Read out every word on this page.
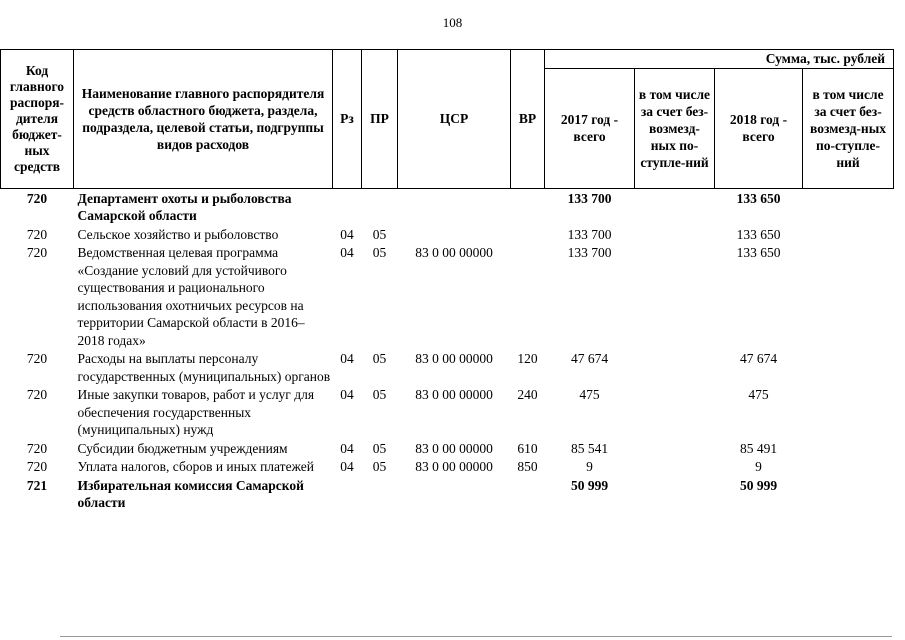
108
Код главного распоря-дителя бюджет-ных средств	Наименование главного распорядителя средств областного бюджета, раздела, подраздела, целевой статьи, подгруппы видов расходов	Рз	ПР	ЦСР	ВР	Сумма, тыс. рублей			
						2017 год - всего	в том числе за счет без-возмезд-ных по-ступле-ний	2018 год - всего	в том числе за счет без-возмезд-ных по-ступле-ний
720	Департамент охоты и рыболовства Самарской области					133 700		133 650	
720	Сельское хозяйство и рыболовство	04	05			133 700		133 650	
720	Ведомственная целевая программа «Создание условий для устойчивого существования и рационального использования охотничьих ресурсов на территории Самарской области в 2016–2018 годах»	04	05	83 0 00 00000		133 700		133 650	
720	Расходы на выплаты персоналу государственных (муниципальных) органов	04	05	83 0 00 00000	120	47 674		47 674	
720	Иные закупки товаров, работ и услуг для обеспечения государственных (муниципальных) нужд	04	05	83 0 00 00000	240	475		475	
720	Субсидии бюджетным учреждениям	04	05	83 0 00 00000	610	85 541		85 491	
720	Уплата налогов, сборов и иных платежей	04	05	83 0 00 00000	850	9		9	
721	Избирательная комиссия Самарской области					50 999		50 999	
